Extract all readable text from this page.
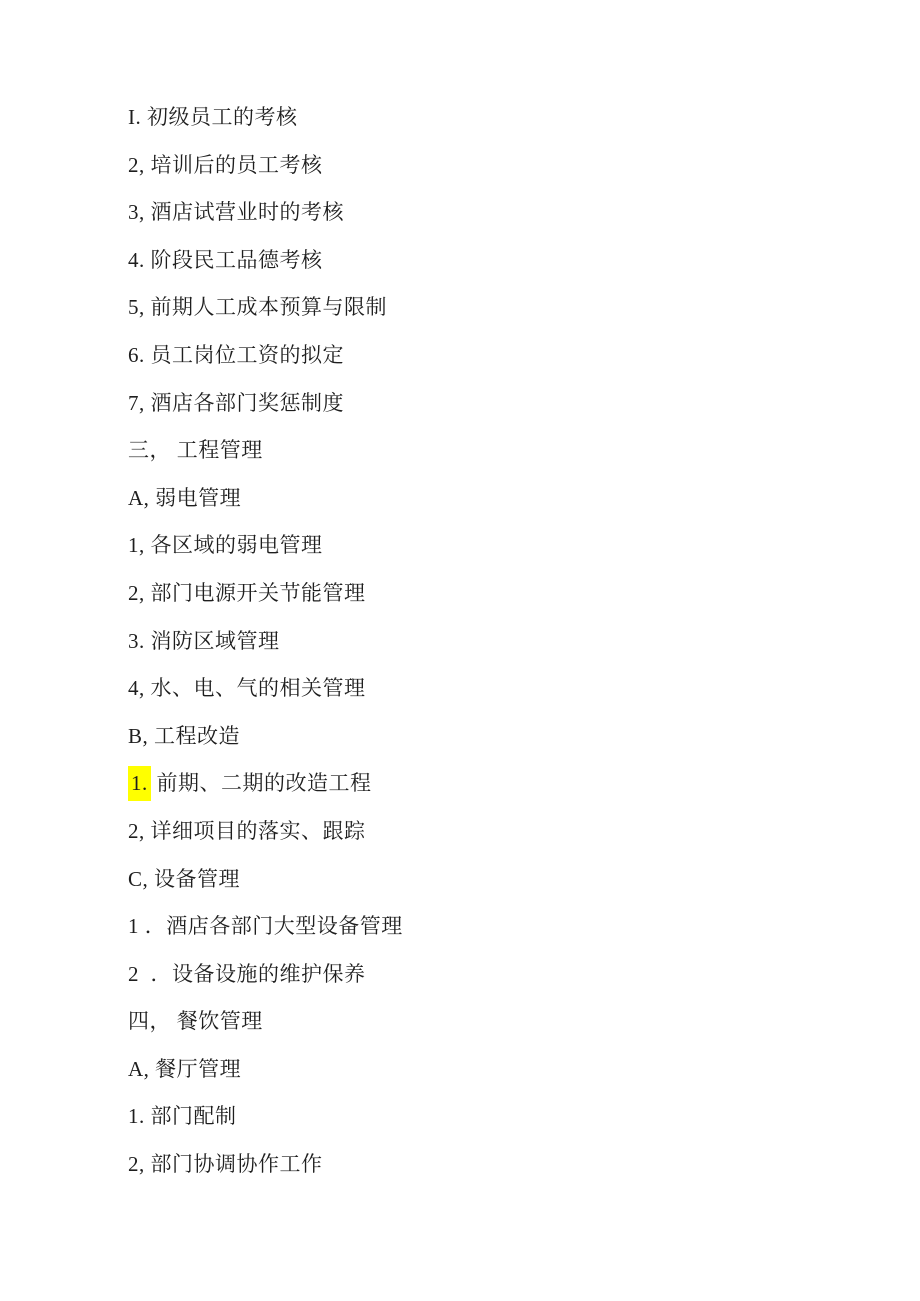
I. 初级员工的考核

2, 培训后的员工考核

3, 酒店试营业时的考核

4. 阶段民工品德考核

5, 前期人工成本预算与限制

6. 员工岗位工资的拟定

7, 酒店各部门奖惩制度

三， 工程管理

A, 弱电管理

1, 各区域的弱电管理

2, 部门电源开关节能管理

3. 消防区域管理

4, 水、电、气的相关管理

B, 工程改造

1. 前期、二期的改造工程

2, 详细项目的落实、跟踪

C, 设备管理

1 ．酒店各部门大型设备管理

2  ．设备设施的维护保养

四， 餐饮管理

A, 餐厅管理

1. 部门配制

2, 部门协调协作工作
